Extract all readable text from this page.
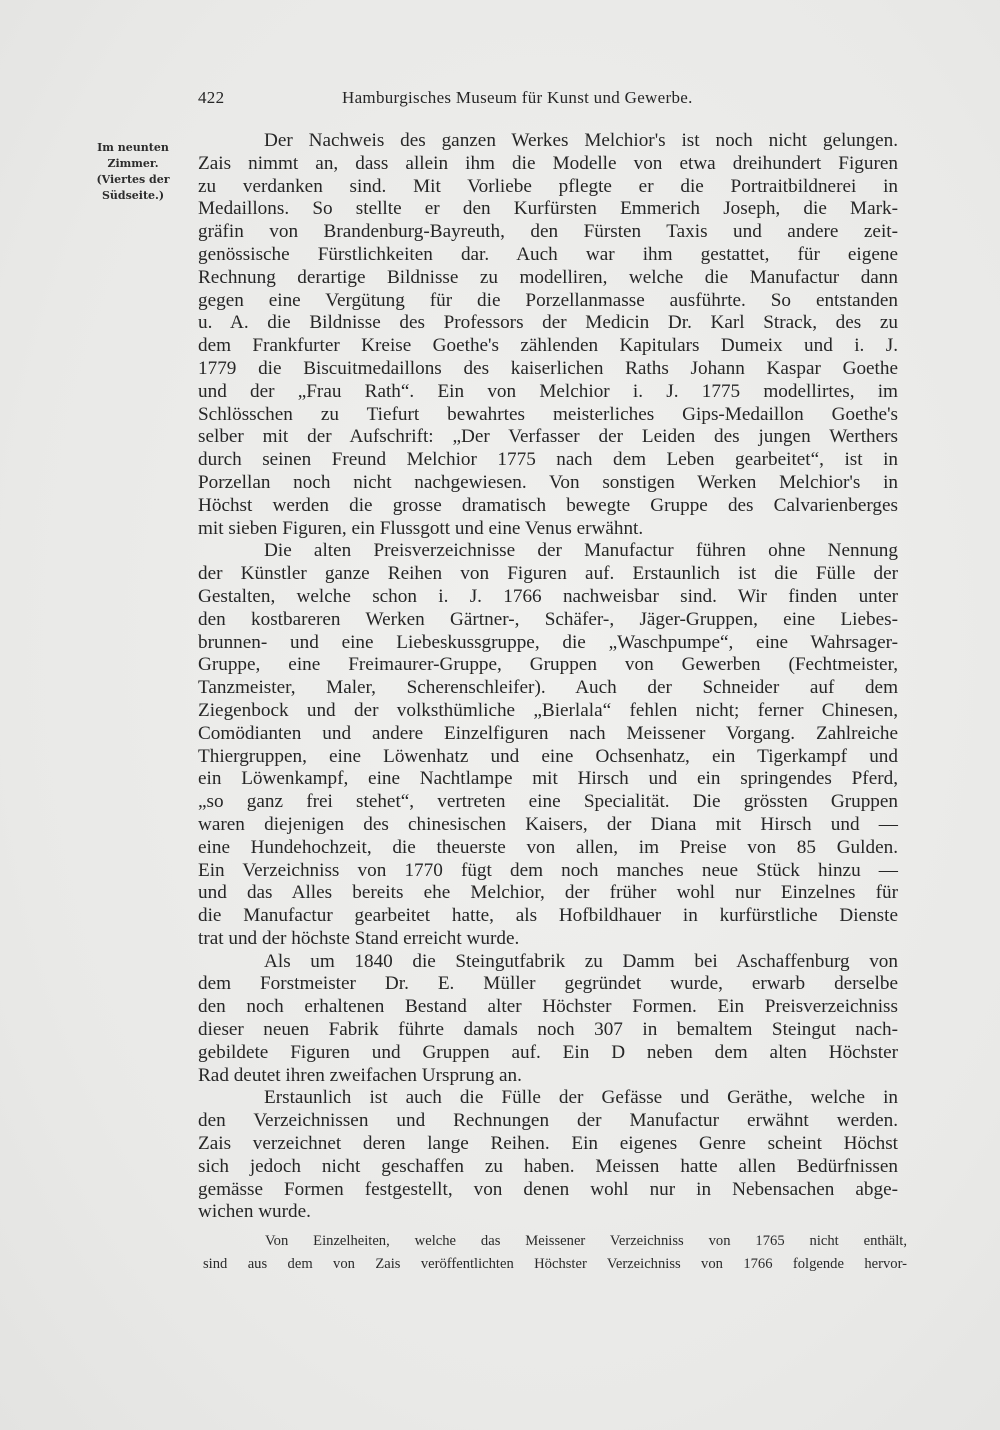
422	Hamburgisches Museum für Kunst und Gewerbe.
Im neunten
Zimmer.
(Viertes der
Südseite.)
Der Nachweis des ganzen Werkes Melchior's ist noch nicht gelungen.
Zais nimmt an, dass allein ihm die Modelle von etwa dreihundert Figuren
zu verdanken sind. Mit Vorliebe pflegte er die Portraitbildnerei in
Medaillons. So stellte er den Kurfürsten Emmerich Joseph, die Mark-
gräfin von Brandenburg-Bayreuth, den Fürsten Taxis und andere zeit-
genössische Fürstlichkeiten dar. Auch war ihm gestattet, für eigene
Rechnung derartige Bildnisse zu modelliren, welche die Manufactur dann
gegen eine Vergütung für die Porzellanmasse ausführte. So entstanden
u. A. die Bildnisse des Professors der Medicin Dr. Karl Strack, des zu
dem Frankfurter Kreise Goethe's zählenden Kapitulars Dumeix und i. J.
1779 die Biscuitmedaillons des kaiserlichen Raths Johann Kaspar Goethe
und der „Frau Rath“. Ein von Melchior i. J. 1775 modellirtes, im
Schlösschen zu Tiefurt bewahrtes meisterliches Gips-Medaillon Goethe's
selber mit der Aufschrift: „Der Verfasser der Leiden des jungen Werthers
durch seinen Freund Melchior 1775 nach dem Leben gearbeitet“, ist in
Porzellan noch nicht nachgewiesen. Von sonstigen Werken Melchior's in
Höchst werden die grosse dramatisch bewegte Gruppe des Calvarienberges
mit sieben Figuren, ein Flussgott und eine Venus erwähnt.
Die alten Preisverzeichnisse der Manufactur führen ohne Nennung
der Künstler ganze Reihen von Figuren auf. Erstaunlich ist die Fülle der
Gestalten, welche schon i. J. 1766 nachweisbar sind. Wir finden unter
den kostbareren Werken Gärtner-, Schäfer-, Jäger-Gruppen, eine Liebes-
brunnen- und eine Liebeskussgruppe, die „Waschpumpe“, eine Wahrsager-
Gruppe, eine Freimaurer-Gruppe, Gruppen von Gewerben (Fechtmeister,
Tanzmeister, Maler, Scherenschleifer). Auch der Schneider auf dem
Ziegenbock und der volksthümliche „Bierlala“ fehlen nicht; ferner Chinesen,
Comödianten und andere Einzelfiguren nach Meissener Vorgang. Zahlreiche
Thiergruppen, eine Löwenhatz und eine Ochsenhatz, ein Tigerkampf und
ein Löwenkampf, eine Nachtlampe mit Hirsch und ein springendes Pferd,
„so ganz frei stehet“, vertreten eine Specialität. Die grössten Gruppen
waren diejenigen des chinesischen Kaisers, der Diana mit Hirsch und —
eine Hundehochzeit, die theuerste von allen, im Preise von 85 Gulden.
Ein Verzeichniss von 1770 fügt dem noch manches neue Stück hinzu —
und das Alles bereits ehe Melchior, der früher wohl nur Einzelnes für
die Manufactur gearbeitet hatte, als Hofbildhauer in kurfürstliche Dienste
trat und der höchste Stand erreicht wurde.
Als um 1840 die Steingutfabrik zu Damm bei Aschaffenburg von
dem Forstmeister Dr. E. Müller gegründet wurde, erwarb derselbe
den noch erhaltenen Bestand alter Höchster Formen. Ein Preisverzeichniss
dieser neuen Fabrik führte damals noch 307 in bemaltem Steingut nach-
gebildete Figuren und Gruppen auf. Ein D neben dem alten Höchster
Rad deutet ihren zweifachen Ursprung an.
Erstaunlich ist auch die Fülle der Gefässe und Geräthe, welche in
den Verzeichnissen und Rechnungen der Manufactur erwähnt werden.
Zais verzeichnet deren lange Reihen. Ein eigenes Genre scheint Höchst
sich jedoch nicht geschaffen zu haben. Meissen hatte allen Bedürfnissen
gemässe Formen festgestellt, von denen wohl nur in Nebensachen abge-
wichen wurde.
Von Einzelheiten, welche das Meissener Verzeichniss von 1765 nicht enthält,
sind aus dem von Zais veröffentlichten Höchster Verzeichniss von 1766 folgende hervor-
